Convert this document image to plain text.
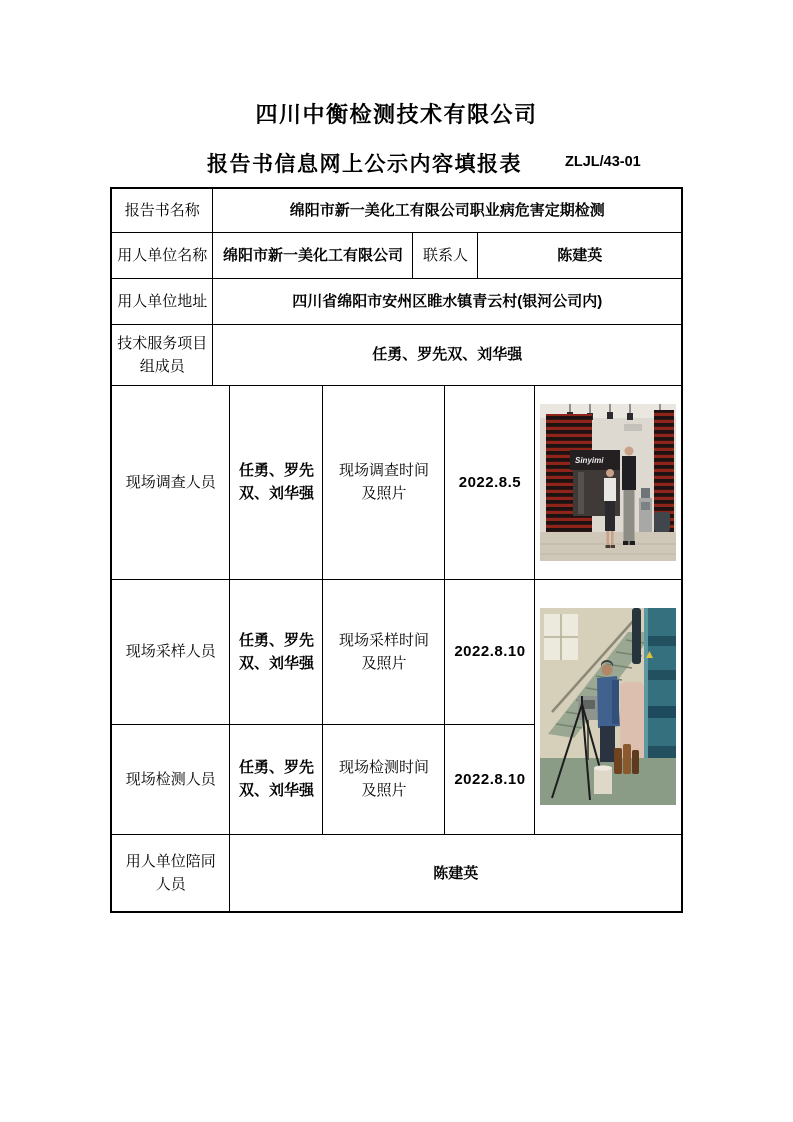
四川中衡检测技术有限公司
报告书信息网上公示内容填报表	ZLJL/43-01
报告书名称	绵阳市新一美化工有限公司职业病危害定期检测						
用人单位名称	绵阳市新一美化工有限公司			联系人		陈建英	
用人单位地址	四川省绵阳市安州区睢水镇青云村(银河公司内)						
技术服务项目组成员	任勇、罗先双、刘华强						
现场调查人员		任勇、罗先双、刘华强	现场调查时间及照片		2022.8.5		Sinyimi

现场采样人员		任勇、罗先双、刘华强	现场采样时间及照片		2022.8.10	

现场检测人员		任勇、罗先双、刘华强	现场检测时间及照片		2022.8.10		
用人单位陪同人员		陈建英					
